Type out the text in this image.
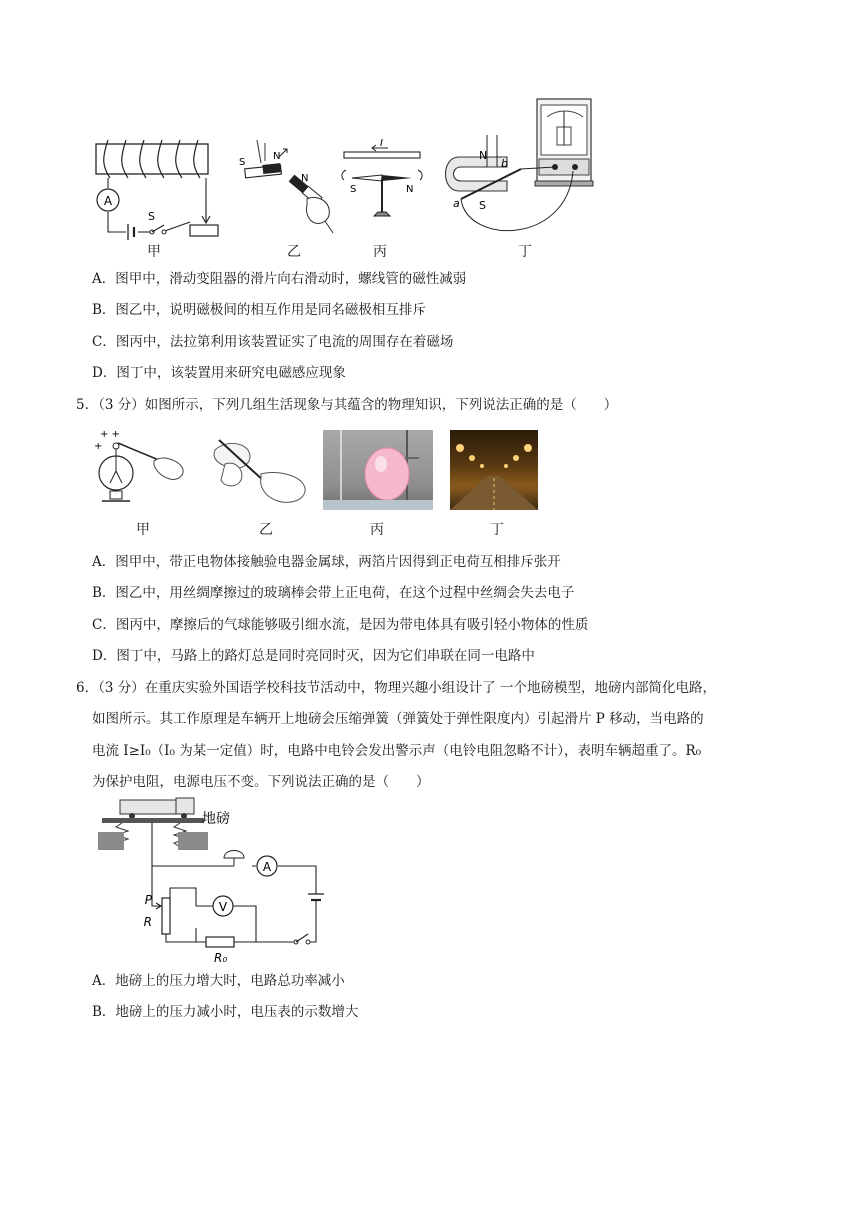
A
S
甲
S
N
N
乙
I
S	N
丙
N
S
a
b
丁
A．图甲中，滑动变阻器的滑片向右滑动时，螺线管的磁性减弱
B．图乙中，说明磁极间的相互作用是同名磁极相互排斥
C．图丙中，法拉第利用该装置证实了电流的周围存在着磁场
D．图丁中，该装置用来研究电磁感应现象
5．（3 分）如图所示，下列几组生活现象与其蕴含的物理知识，下列说法正确的是（　　）
+ +
+
甲	乙	丙	丁
A．图甲中，带正电物体接触验电器金属球，两箔片因得到正电荷互相排斥张开
B．图乙中，用丝绸摩擦过的玻璃棒会带上正电荷，在这个过程中丝绸会失去电子
C．图丙中，摩擦后的气球能够吸引细水流，是因为带电体具有吸引轻小物体的性质
D．图丁中，马路上的路灯总是同时亮同时灭，因为它们串联在同一电路中
6．（3 分）在重庆实验外国语学校科技节活动中，物理兴趣小组设计了 一个地磅模型，地磅内部简化电路，
如图所示。其工作原理是车辆开上地磅会压缩弹簧（弹簧处于弹性限度内）引起滑片 P 移动，当电路的
电流 I≥I₀（I₀ 为某一定值）时，电路中电铃会发出警示声（电铃电阻忽略不计），表明车辆超重了。R₀
为保护电阻，电源电压不变。下列说法正确的是（　　）
地磅
A
R₀
P
R
V
A．地磅上的压力增大时，电路总功率减小
B．地磅上的压力减小时，电压表的示数增大
